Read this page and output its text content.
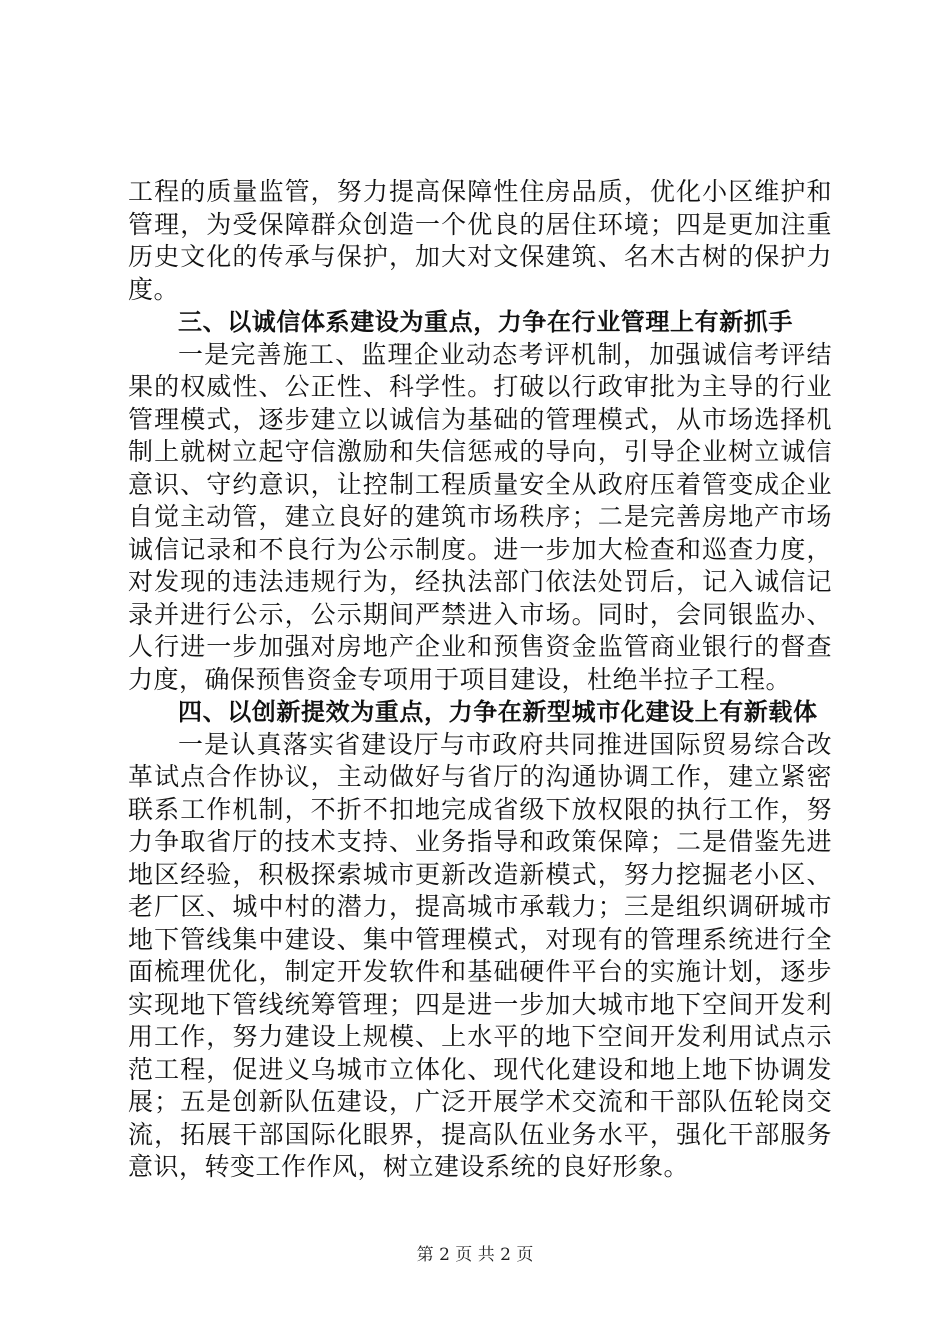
工程的质量监管，努力提高保障性住房品质，优化小区维护和管理，为受保障群众创造一个优良的居住环境；四是更加注重历史文化的传承与保护，加大对文保建筑、名木古树的保护力度。

三、以诚信体系建设为重点，力争在行业管理上有新抓手

一是完善施工、监理企业动态考评机制，加强诚信考评结果的权威性、公正性、科学性。打破以行政审批为主导的行业管理模式，逐步建立以诚信为基础的管理模式，从市场选择机制上就树立起守信激励和失信惩戒的导向，引导企业树立诚信意识、守约意识，让控制工程质量安全从政府压着管变成企业自觉主动管，建立良好的建筑市场秩序；二是完善房地产市场诚信记录和不良行为公示制度。进一步加大检查和巡查力度，对发现的违法违规行为，经执法部门依法处罚后，记入诚信记录并进行公示，公示期间严禁进入市场。同时，会同银监办、人行进一步加强对房地产企业和预售资金监管商业银行的督查力度，确保预售资金专项用于项目建设，杜绝半拉子工程。

四、以创新提效为重点，力争在新型城市化建设上有新载体

一是认真落实省建设厅与市政府共同推进国际贸易综合改革试点合作协议，主动做好与省厅的沟通协调工作，建立紧密联系工作机制，不折不扣地完成省级下放权限的执行工作，努力争取省厅的技术支持、业务指导和政策保障；二是借鉴先进地区经验，积极探索城市更新改造新模式，努力挖掘老小区、老厂区、城中村的潜力，提高城市承载力；三是组织调研城市地下管线集中建设、集中管理模式，对现有的管理系统进行全面梳理优化，制定开发软件和基础硬件平台的实施计划，逐步实现地下管线统筹管理；四是进一步加大城市地下空间开发利用工作，努力建设上规模、上水平的地下空间开发利用试点示范工程，促进义乌城市立体化、现代化建设和地上地下协调发展；五是创新队伍建设，广泛开展学术交流和干部队伍轮岗交流，拓展干部国际化眼界，提高队伍业务水平，强化干部服务意识，转变工作作风，树立建设系统的良好形象。

第 2 页 共 2 页
